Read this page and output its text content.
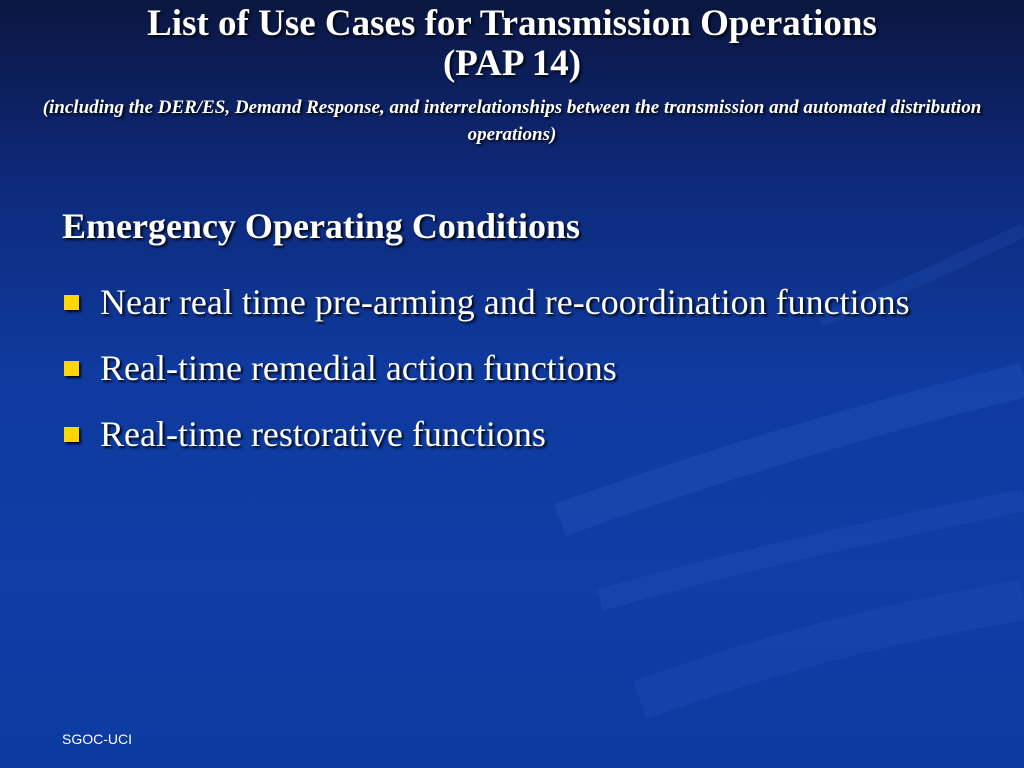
List of Use Cases for Transmission Operations

(PAP 14)

(including the DER/ES, Demand Response, and interrelationships between the transmission and automated distribution operations)

Emergency Operating Conditions
Near real time pre-arming and re-coordination functions
Real-time remedial action functions
Real-time restorative functions
SGOC-UCI
